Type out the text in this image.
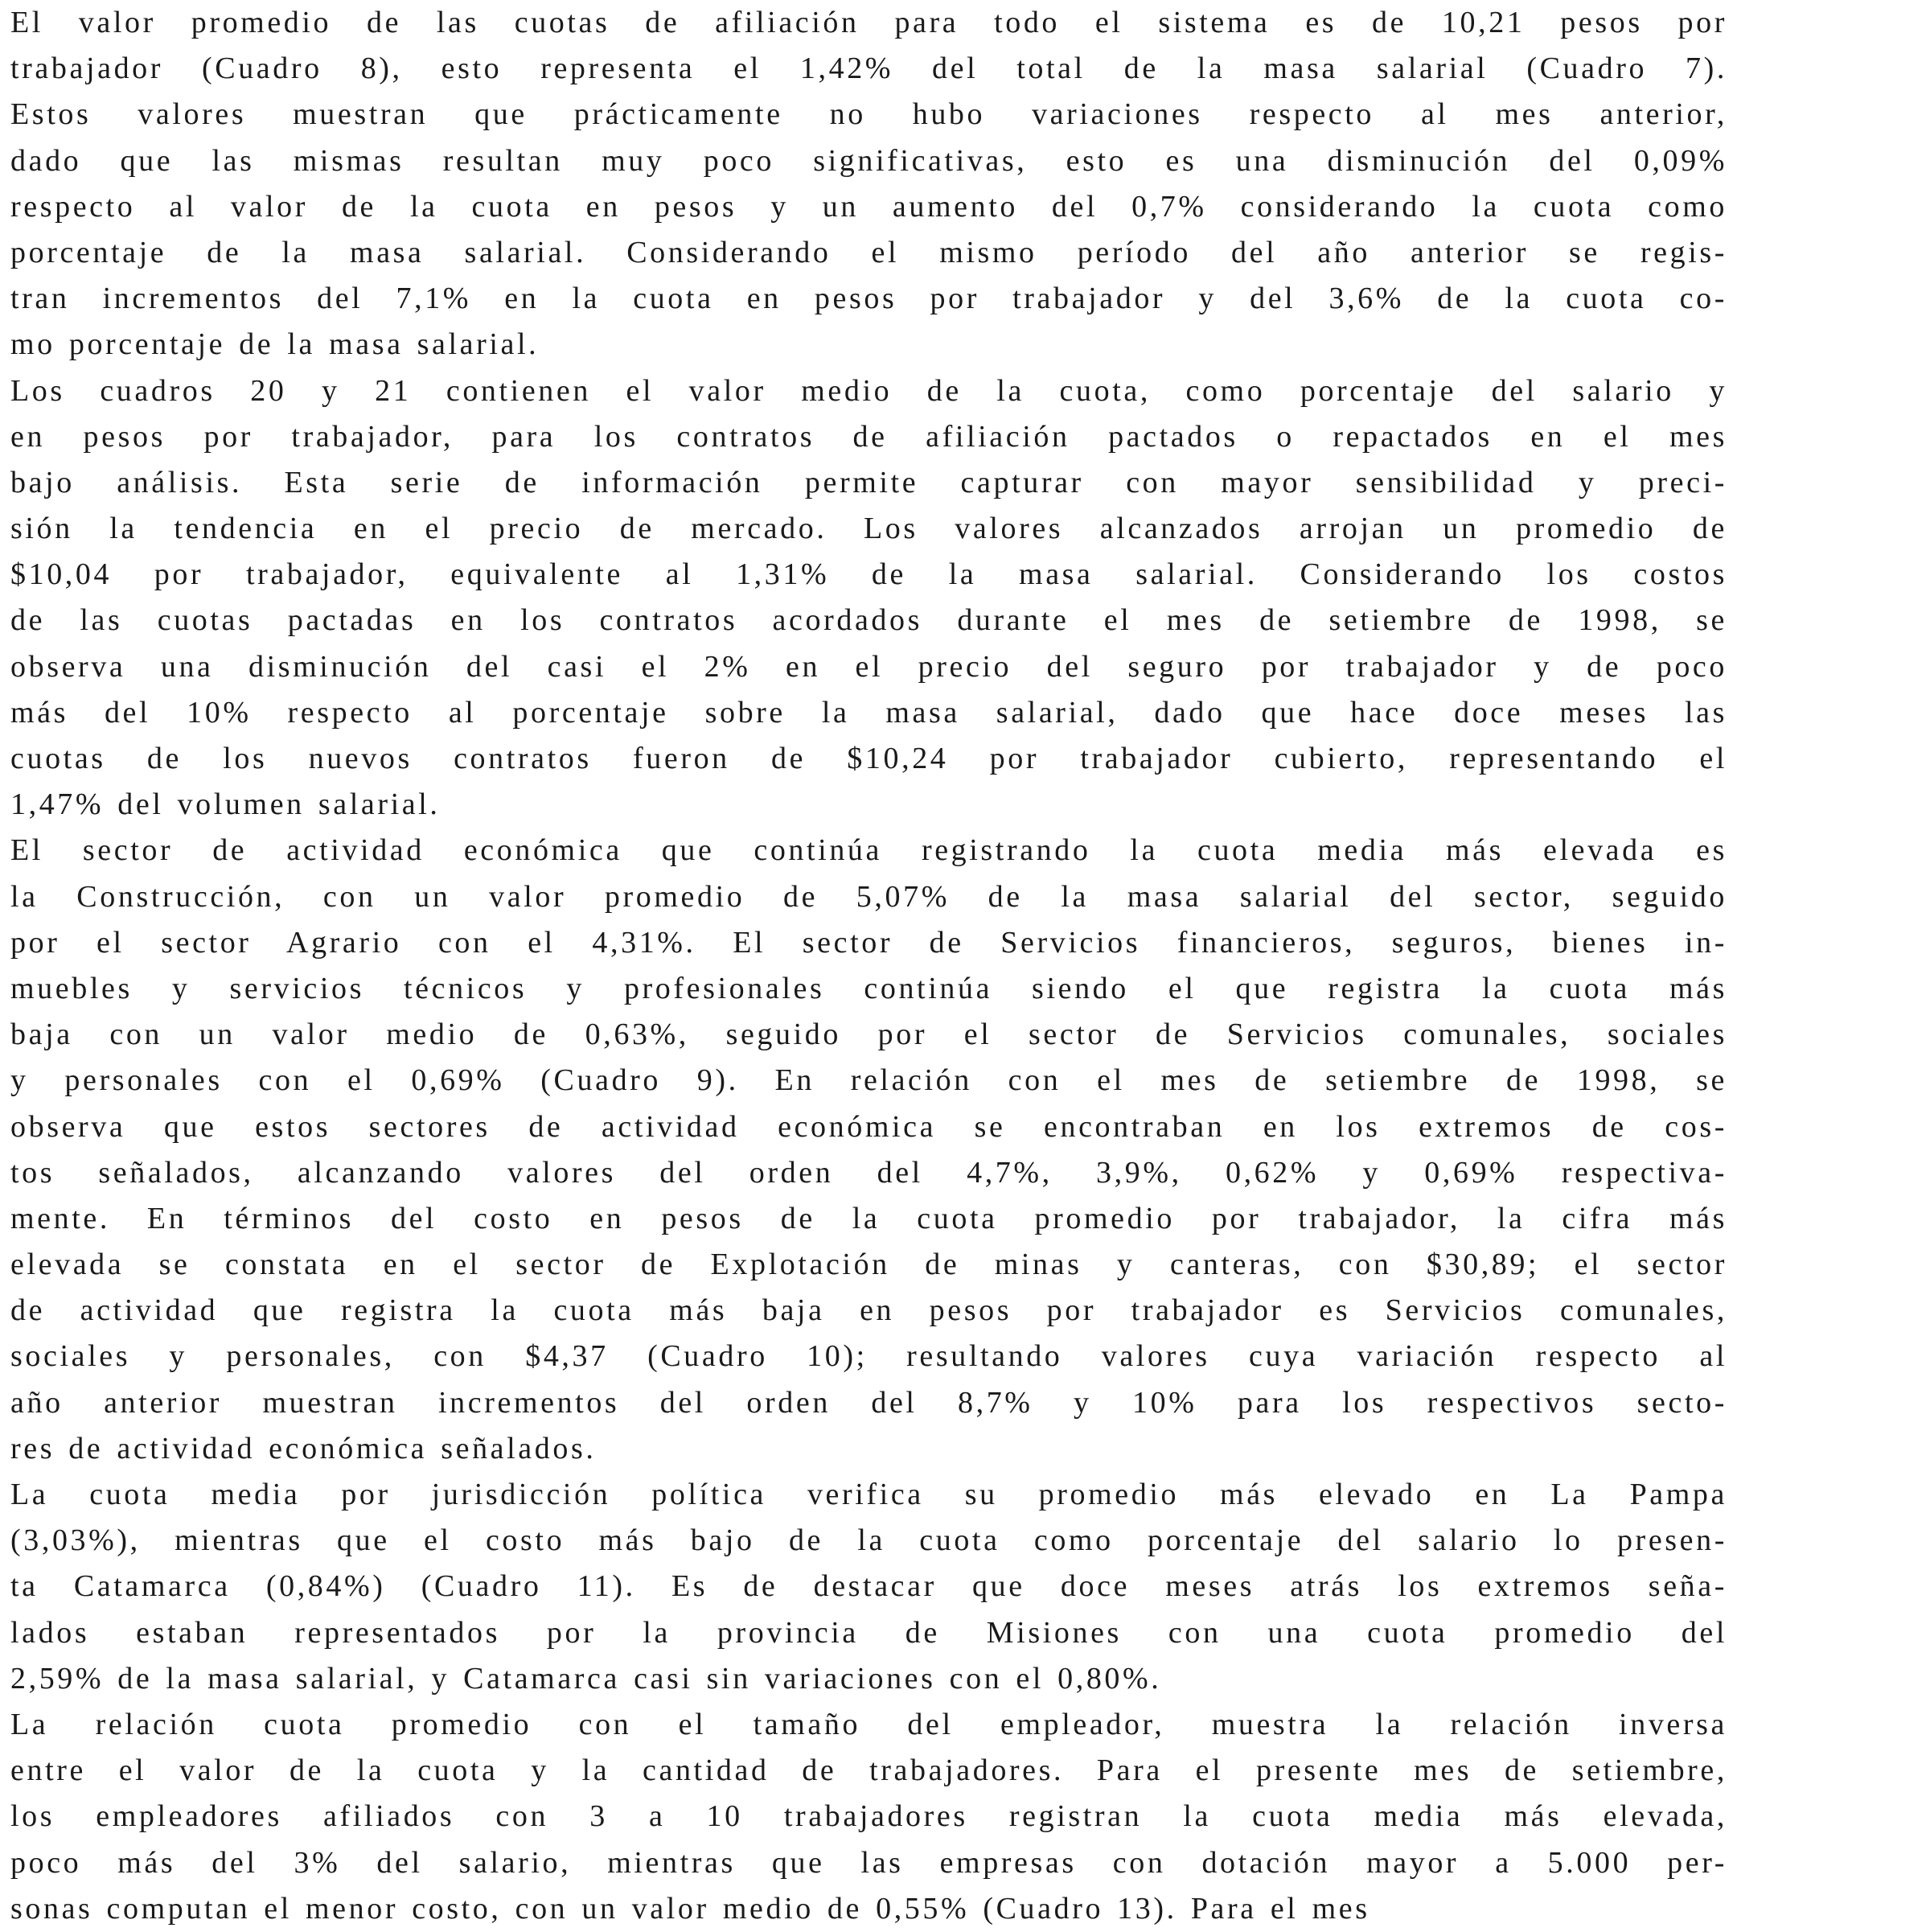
El valor promedio de las cuotas de afiliación para todo el sistema es de 10,21 pesos por
trabajador (Cuadro 8), esto representa el 1,42% del total de la masa salarial (Cuadro 7).
Estos valores muestran que prácticamente no hubo variaciones respecto al mes anterior,
dado que las mismas resultan muy poco significativas, esto es una disminución del 0,09%
respecto al valor de la cuota en pesos y un aumento del 0,7% considerando la cuota como
porcentaje de la masa salarial. Considerando el mismo período del año anterior se regis-
tran incrementos del 7,1% en la cuota en pesos por trabajador y del 3,6% de la cuota co-
mo porcentaje de la masa salarial.
Los cuadros 20 y 21 contienen el valor medio de la cuota, como porcentaje del salario y
en pesos por trabajador, para los contratos de afiliación pactados o repactados en el mes
bajo análisis. Esta serie de información permite capturar con mayor sensibilidad y preci-
sión la tendencia en el precio de mercado. Los valores alcanzados arrojan un promedio de
$10,04 por trabajador, equivalente al 1,31% de la masa salarial. Considerando los costos
de las cuotas pactadas en los contratos acordados durante el mes de setiembre de 1998, se
observa una disminución del casi el 2% en el precio del seguro por trabajador y de poco
más del 10% respecto al porcentaje sobre la masa salarial, dado que hace doce meses las
cuotas de los nuevos contratos fueron de $10,24 por trabajador cubierto, representando el
1,47% del volumen salarial.
El sector de actividad económica que continúa registrando la cuota media más elevada es
la Construcción, con un valor promedio de 5,07% de la masa salarial del sector, seguido
por el sector Agrario con el 4,31%. El sector de Servicios financieros, seguros, bienes in-
muebles y servicios técnicos y profesionales continúa siendo el que registra la cuota más
baja con un valor medio de 0,63%, seguido por el sector de Servicios comunales, sociales
y personales con el 0,69% (Cuadro 9). En relación con el mes de setiembre de 1998, se
observa que estos sectores de actividad económica se encontraban en los extremos de cos-
tos señalados, alcanzando valores del orden del 4,7%, 3,9%, 0,62% y 0,69% respectiva-
mente. En términos del costo en pesos de la cuota promedio por trabajador, la cifra más
elevada se constata en el sector de Explotación de minas y canteras, con $30,89; el sector
de actividad que registra la cuota más baja en pesos por trabajador es Servicios comunales,
sociales y personales, con $4,37 (Cuadro 10); resultando valores cuya variación respecto al
año anterior muestran incrementos del orden del 8,7% y 10% para los respectivos secto-
res de actividad económica señalados.
La cuota media por jurisdicción política verifica su promedio más elevado en La Pampa
(3,03%), mientras que el costo más bajo de la cuota como porcentaje del salario lo presen-
ta Catamarca (0,84%) (Cuadro 11). Es de destacar que doce meses atrás los extremos seña-
lados estaban representados por la provincia de Misiones con una cuota promedio del
2,59% de la masa salarial, y Catamarca casi sin variaciones con el 0,80%.
La relación cuota promedio con el tamaño del empleador, muestra la relación inversa
entre el valor de la cuota y la cantidad de trabajadores. Para el presente mes de setiembre,
los empleadores afiliados con 3 a 10 trabajadores registran la cuota media más elevada,
poco más del 3% del salario, mientras que las empresas con dotación mayor a 5.000 per-
sonas computan el menor costo, con un valor medio de 0,55% (Cuadro 13). Para el mes
